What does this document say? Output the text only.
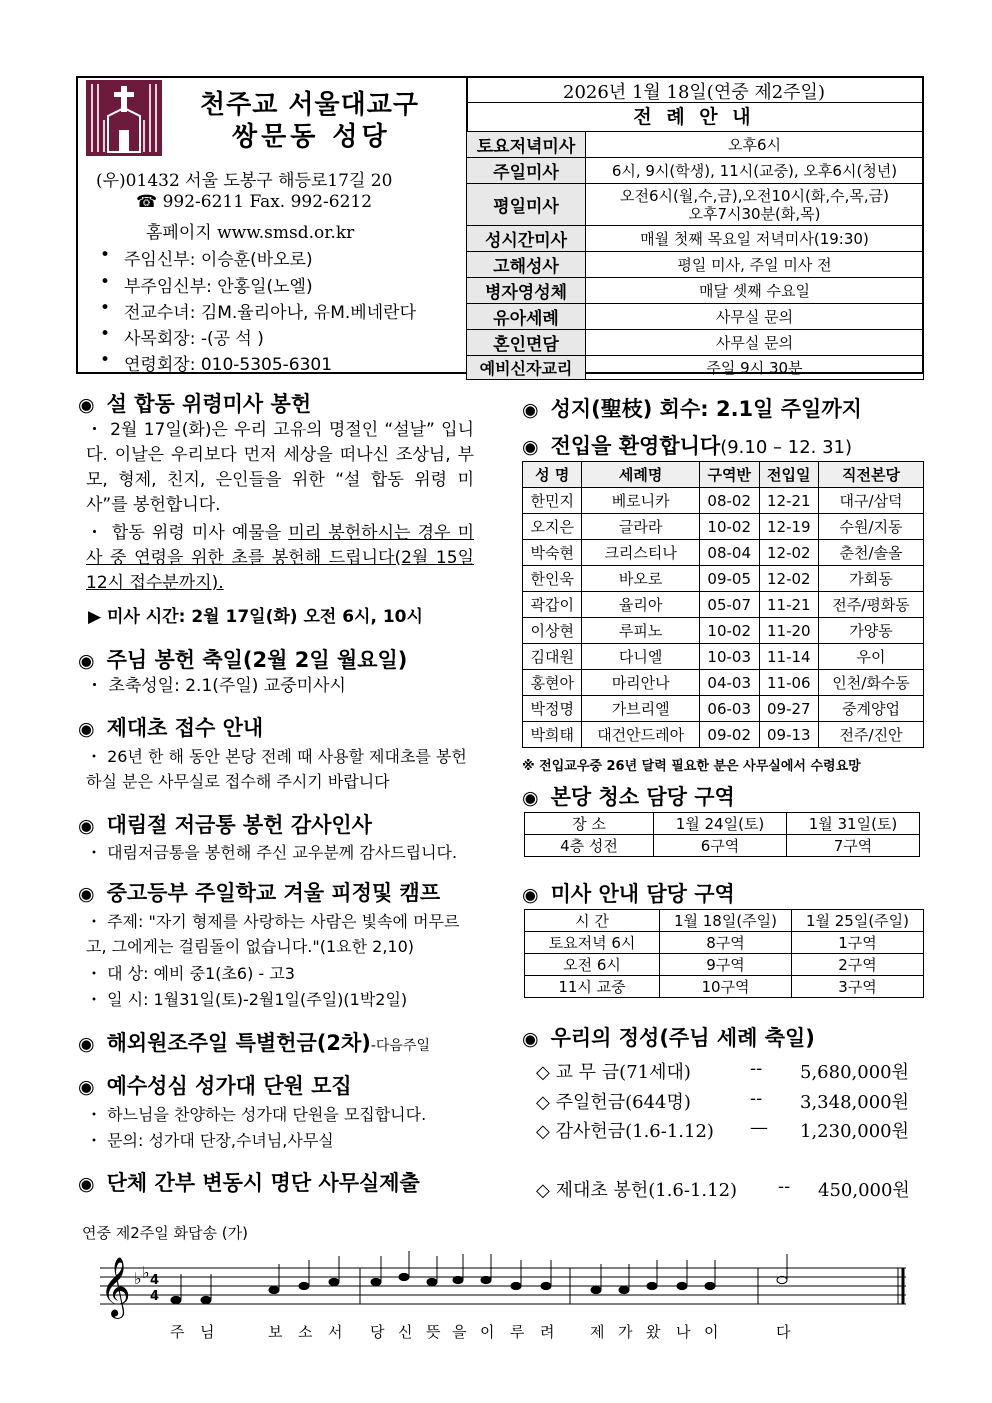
천주교 서울대교구
쌍문동 성당
(우)01432 서울 도봉구 해등로17길 20
☎ 992-6211 Fax. 992-6212
홈페이지 www.smsd.or.kr
• 주임신부: 이승훈(바오로)
• 부주임신부: 안홍일(노엘)
• 전교수녀: 김M.율리아나, 유M.베네란다
• 사목회장: -(공 석 )
• 연령회장: 010-5305-6301
2026년 1월 18일(연중 제2주일)
전 례 안 내
토요저녁미사	오후6시
주일미사	6시, 9시(학생), 11시(교중), 오후6시(청년)
평일미사	오전6시(월,수,금),오전10시(화,수,목,금)
오후7시30분(화,목)

성시간미사	매월 첫째 목요일 저녁미사(19:30)
고해성사	평일 미사, 주일 미사 전
병자영성체	매달 셋째 수요일
유아세례	사무실 문의
혼인면담	사무실 문의
예비신자교리	주일 9시 30분
◉ 설 합동 위령미사 봉헌
・ 2월 17일(화)은 우리 고유의 명절인 “설날” 입니다. 이날은 우리보다 먼저 세상을 떠나신 조상님, 부모, 형제, 친지, 은인들을 위한 “설 합동 위령 미사”를 봉헌합니다.
・ 합동 위령 미사 예물을 미리 봉헌하시는 경우 미사 중 연령을 위한 초를 봉헌해 드립니다(2월 15일 12시 접수분까지).
▶ 미사 시간: 2월 17일(화) 오전 6시, 10시
◉ 주님 봉헌 축일(2월 2일 월요일)
・ 초축성일: 2.1(주일) 교중미사시
◉ 제대초 접수 안내
・ 26년 한 해 동안 본당 전례 때 사용할 제대초를 봉헌 하실 분은 사무실로 접수해 주시기 바랍니다
◉ 대림절 저금통 봉헌 감사인사
・ 대림저금통을 봉헌해 주신 교우분께 감사드립니다.
◉ 중고등부 주일학교 겨울 피정및 캠프
・ 주제: "자기 형제를 사랑하는 사람은 빛속에 머무르고, 그에게는 걸림돌이 없습니다."(1요한 2,10)
・ 대 상: 예비 중1(초6) - 고3
・ 일 시: 1월31일(토)-2월1일(주일)(1박2일)
◉ 해외원조주일 특별헌금(2차)-다음주일
◉ 예수성심 성가대 단원 모집
・ 하느님을 찬양하는 성가대 단원을 모집합니다.
・ 문의: 성가대 단장,수녀님,사무실
◉ 단체 간부 변동시 명단 사무실제출
◉ 성지(聖枝) 회수: 2.1일 주일까지
◉ 전입을 환영합니다(9.10 – 12. 31)
성 명	세례명	구역반	전입일	직전본당
한민지	베로니카	08-02	12-21	대구/삼덕
오지은	글라라	10-02	12-19	수원/지동
박숙현	크리스티나	08-04	12-02	춘천/솔올
한인욱	바오로	09-05	12-02	가회동
곽갑이	율리아	05-07	11-21	전주/평화동
이상현	루피노	10-02	11-20	가양동
김대원	다니엘	10-03	11-14	우이
홍현아	마리안나	04-03	11-06	인천/화수동
박정명	가브리엘	06-03	09-27	중계양업
박희태	대건안드레아	09-02	09-13	전주/진안
※ 전입교우중 26년 달력 필요한 분은 사무실에서 수령요망
◉ 본당 청소 담당 구역
장 소	1월 24일(토)	1월 31일(토)
4층 성전	6구역	7구역
◉ 미사 안내 담당 구역
시 간	1월 18일(주일)	1월 25일(주일)
토요저녁 6시	8구역	1구역
오전 6시	9구역	2구역
11시 교중	10구역	3구역
◉ 우리의 정성(주님 세례 축일)
◇ 교 무 금(71세대)	-- 5,680,000원
◇ 주일헌금(644명)	-- 3,348,000원
◇ 감사헌금(1.6-1.12) — 1,230,000원
◇ 제대초 봉헌(1.6-1.12) -- 450,000원
연중 제2주일 화답송 (가)
𝄞 ♭ ♭ 4
4
주 님	보 소 서 당 신 뜻 을 이 루 려 제 가 왔 나 이	다
